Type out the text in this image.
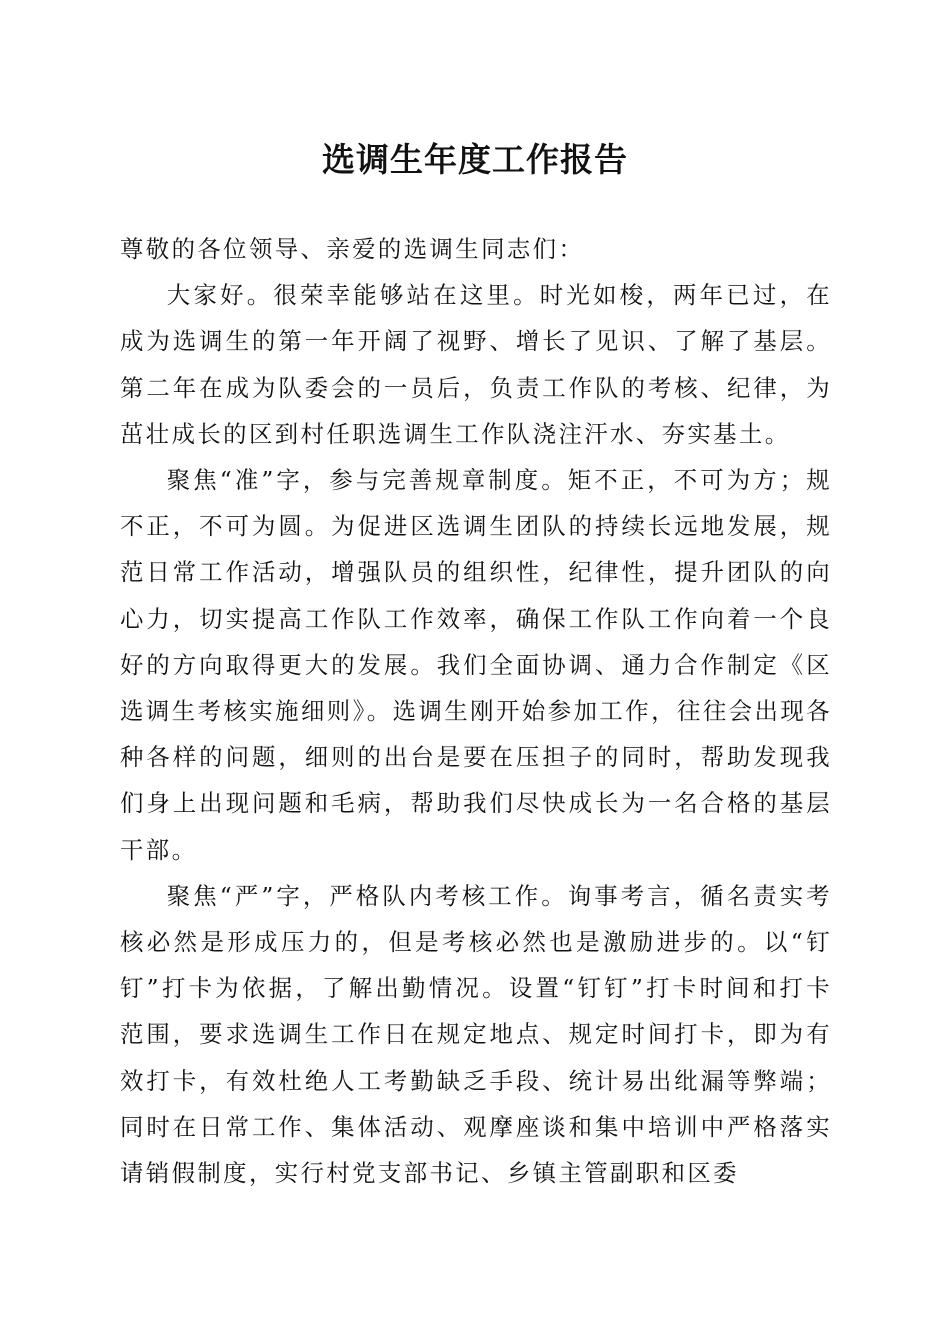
选调生年度工作报告

尊敬的各位领导、亲爱的选调生同志们：

大家好。很荣幸能够站在这里。时光如梭，两年已过，在成为选调生的第一年开阔了视野、增长了见识、了解了基层。第二年在成为队委会的一员后，负责工作队的考核、纪律，为茁壮成长的区到村任职选调生工作队浇注汗水、夯实基土。

聚焦“准”字，参与完善规章制度。矩不正，不可为方；规不正，不可为圆。为促进区选调生团队的持续长远地发展，规范日常工作活动，增强队员的组织性，纪律性，提升团队的向心力，切实提高工作队工作效率，确保工作队工作向着一个良好的方向取得更大的发展。我们全面协调、通力合作制定《区选调生考核实施细则》。选调生刚开始参加工作，往往会出现各种各样的问题，细则的出台是要在压担子的同时，帮助发现我们身上出现问题和毛病，帮助我们尽快成长为一名合格的基层干部。

聚焦“严”字，严格队内考核工作。询事考言，循名责实考核必然是形成压力的，但是考核必然也是激励进步的。以“钉钉”打卡为依据，了解出勤情况。设置“钉钉”打卡时间和打卡范围，要求选调生工作日在规定地点、规定时间打卡，即为有效打卡，有效杜绝人工考勤缺乏手段、统计易出纰漏等弊端；同时在日常工作、集体活动、观摩座谈和集中培训中严格落实请销假制度，实行村党支部书记、乡镇主管副职和区委
